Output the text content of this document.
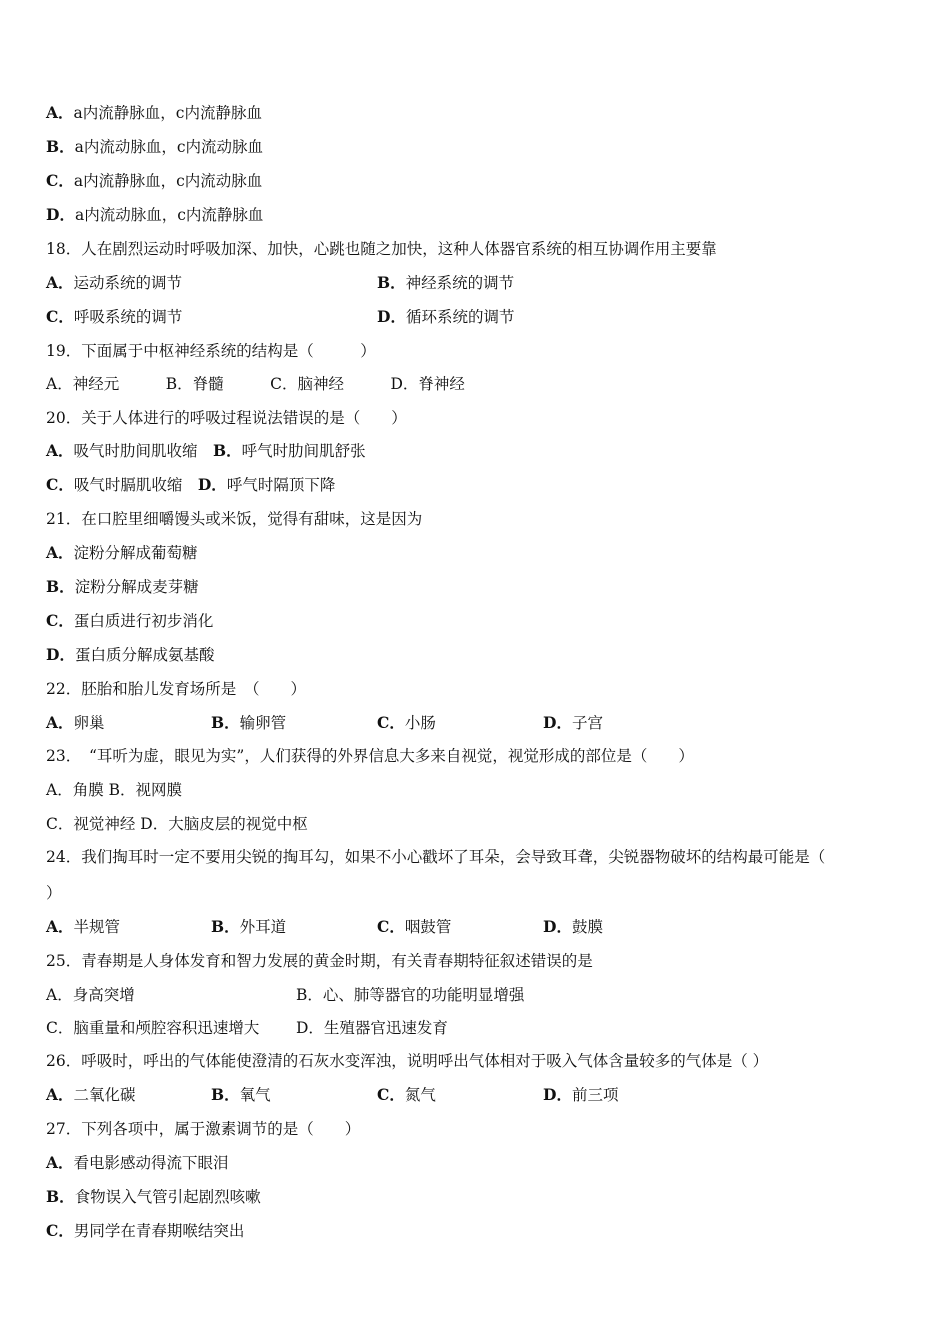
A．a内流静脉血，c内流静脉血
B．a内流动脉血，c内流动脉血
C．a内流静脉血，c内流动脉血
D．a内流动脉血，c内流静脉血
18．人在剧烈运动时呼吸加深、加快，心跳也随之加快，这种人体器官系统的相互协调作用主要靠
A．运动系统的调节	B．神经系统的调节
C．呼吸系统的调节	D．循环系统的调节
19．下面属于中枢神经系统的结构是（　　　）
A．神经元　　　B．脊髓　　　C．脑神经　　　D．脊神经
20．关于人体进行的呼吸过程说法错误的是（　　）
A．吸气时肋间肌收缩　B．呼气时肋间肌舒张
C．吸气时膈肌收缩　D．呼气时隔顶下降
21．在口腔里细嚼馒头或米饭，觉得有甜味，这是因为
A．淀粉分解成葡萄糖
B．淀粉分解成麦芽糖
C．蛋白质进行初步消化
D．蛋白质分解成氨基酸
22．胚胎和胎儿发育场所是　（　　）
A．卵巢	B．输卵管	C．小肠	D．子宫
23．　“耳听为虚，眼见为实”，人们获得的外界信息大多来自视觉，视觉形成的部位是（　　）
A．角膜 B．视网膜
C．视觉神经 D．大脑皮层的视觉中枢
24．我们掏耳时一定不要用尖锐的掏耳勾，如果不小心戳坏了耳朵，会导致耳聋，尖锐器物破坏的结构最可能是（
）
A．半规管	B．外耳道	C．咽鼓管	D．鼓膜
25．青春期是人身体发育和智力发展的黄金时期，有关青春期特征叙述错误的是
A．身高突增	B．心、肺等器官的功能明显增强
C．脑重量和颅腔容积迅速增大 D．生殖器官迅速发育
26．呼吸时，呼出的气体能使澄清的石灰水变浑浊，说明呼出气体相对于吸入气体含量较多的气体是（ ）
A．二氧化碳	B．氧气	C．氮气	D．前三项
27．下列各项中，属于激素调节的是（　　）
A．看电影感动得流下眼泪
B．食物误入气管引起剧烈咳嗽
C．男同学在青春期喉结突出
